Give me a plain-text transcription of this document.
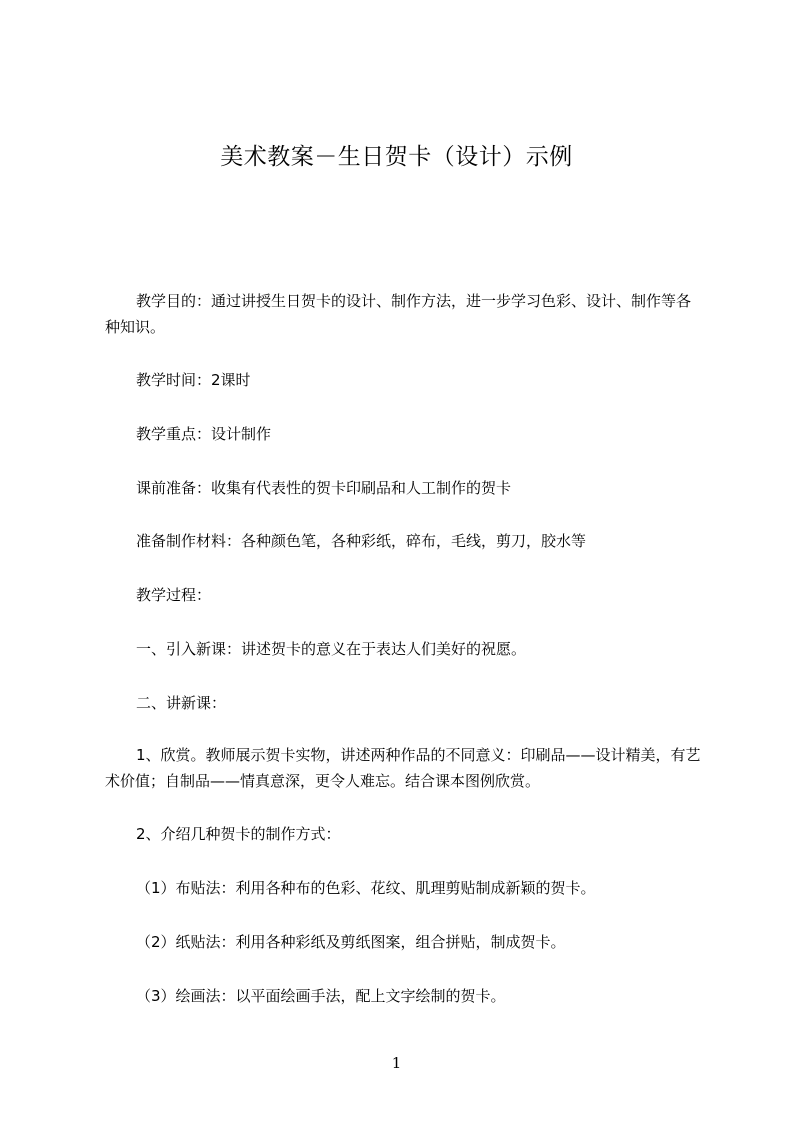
美术教案－生日贺卡（设计）示例
教学目的：通过讲授生日贺卡的设计、制作方法，进一步学习色彩、设计、制作等各种知识。
教学时间：2课时
教学重点：设计制作
课前准备：收集有代表性的贺卡印刷品和人工制作的贺卡
准备制作材料：各种颜色笔，各种彩纸，碎布，毛线，剪刀，胶水等
教学过程：
一、引入新课：讲述贺卡的意义在于表达人们美好的祝愿。
二、讲新课：
1、欣赏。教师展示贺卡实物，讲述两种作品的不同意义：印刷品——设计精美，有艺术价值；自制品——情真意深，更令人难忘。结合课本图例欣赏。
2、介绍几种贺卡的制作方式：
（1）布贴法：利用各种布的色彩、花纹、肌理剪贴制成新颖的贺卡。
（2）纸贴法：利用各种彩纸及剪纸图案，组合拼贴，制成贺卡。
（3）绘画法：以平面绘画手法，配上文字绘制的贺卡。
1
